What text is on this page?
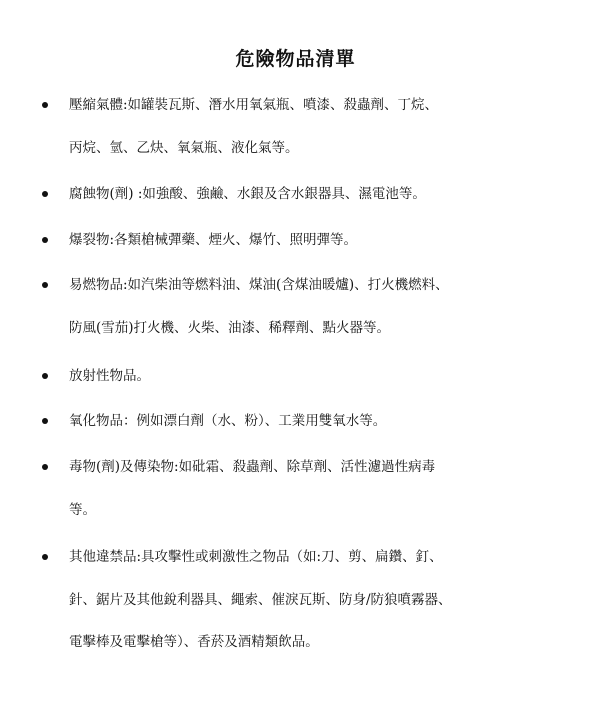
危險物品清單
壓縮氣體:如罐裝瓦斯、潛水用氧氣瓶、噴漆、殺蟲劑、丁烷、
丙烷、氫、乙炔、氧氣瓶、液化氣等。
腐蝕物(劑) :如強酸、強鹼、水銀及含水銀器具、濕電池等。
爆裂物:各類槍械彈藥、煙火、爆竹、照明彈等。
易燃物品:如汽柴油等燃料油、煤油(含煤油暖爐)、打火機燃料、
防風(雪茄)打火機、火柴、油漆、稀釋劑、點火器等。
放射性物品。
氧化物品：例如漂白劑（水、粉）、工業用雙氧水等。
毒物(劑)及傳染物:如砒霜、殺蟲劑、除草劑、活性濾過性病毒
等。
其他違禁品:具攻擊性或刺激性之物品（如:刀、剪、扁鑽、釘、
針、鋸片及其他銳利器具、繩索、催淚瓦斯、防身/防狼噴霧器、
電擊棒及電擊槍等）、香菸及酒精類飲品。
